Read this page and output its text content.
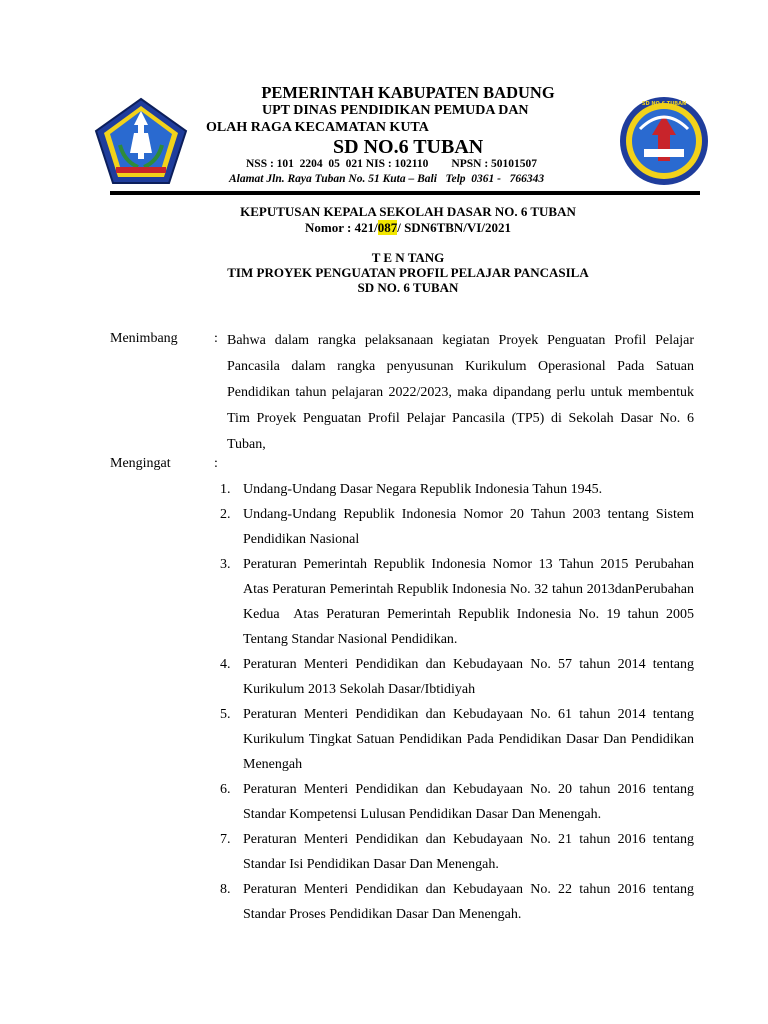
SD NO.6 TUBAN
PEMERINTAH KABUPATEN BADUNG
UPT DINAS PENDIDIKAN PEMUDA DAN
OLAH RAGA KECAMATAN KUTA
SD NO.6 TUBAN
NSS : 101  2204  05  021 NIS : 102110        NPSN : 50101507
Alamat Jln. Raya Tuban No. 51 Kuta – Bali   Telp  0361 -   766343
KEPUTUSAN KEPALA SEKOLAH DASAR NO. 6 TUBAN
Nomor : 421/087/ SDN6TBN/VI/2021
T E N TANG
TIM PROYEK PENGUATAN PROFIL PELAJAR PANCASILA
SD NO. 6 TUBAN
Menimbang	: Bahwa dalam rangka pelaksanaan kegiatan Proyek Penguatan Profil Pelajar Pancasila dalam rangka penyusunan Kurikulum Operasional Pada Satuan Pendidikan tahun pelajaran 2022/2023, maka dipandang perlu untuk membentuk Tim Proyek Penguatan Profil Pelajar Pancasila (TP5) di Sekolah Dasar No. 6 Tuban,
Mengingat	:
1. Undang-Undang Dasar Negara Republik Indonesia Tahun 1945.
2. Undang-Undang Republik Indonesia Nomor 20 Tahun 2003 tentang Sistem Pendidikan Nasional
3. Peraturan Pemerintah Republik Indonesia Nomor 13 Tahun 2015 Perubahan Atas Peraturan Pemerintah Republik Indonesia No. 32 tahun 2013danPerubahan Kedua  Atas Peraturan Pemerintah Republik Indonesia No. 19 tahun 2005 Tentang Standar Nasional Pendidikan.
4. Peraturan Menteri Pendidikan dan Kebudayaan No. 57 tahun 2014 tentang Kurikulum 2013 Sekolah Dasar/Ibtidiyah
5. Peraturan Menteri Pendidikan dan Kebudayaan No. 61 tahun 2014 tentang Kurikulum Tingkat Satuan Pendidikan Pada Pendidikan Dasar Dan Pendidikan Menengah
6. Peraturan Menteri Pendidikan dan Kebudayaan No. 20 tahun 2016 tentang Standar Kompetensi Lulusan Pendidikan Dasar Dan Menengah.
7. Peraturan Menteri Pendidikan dan Kebudayaan No. 21 tahun 2016 tentang Standar Isi Pendidikan Dasar Dan Menengah.
8. Peraturan Menteri Pendidikan dan Kebudayaan No. 22 tahun 2016 tentang Standar Proses Pendidikan Dasar Dan Menengah.
